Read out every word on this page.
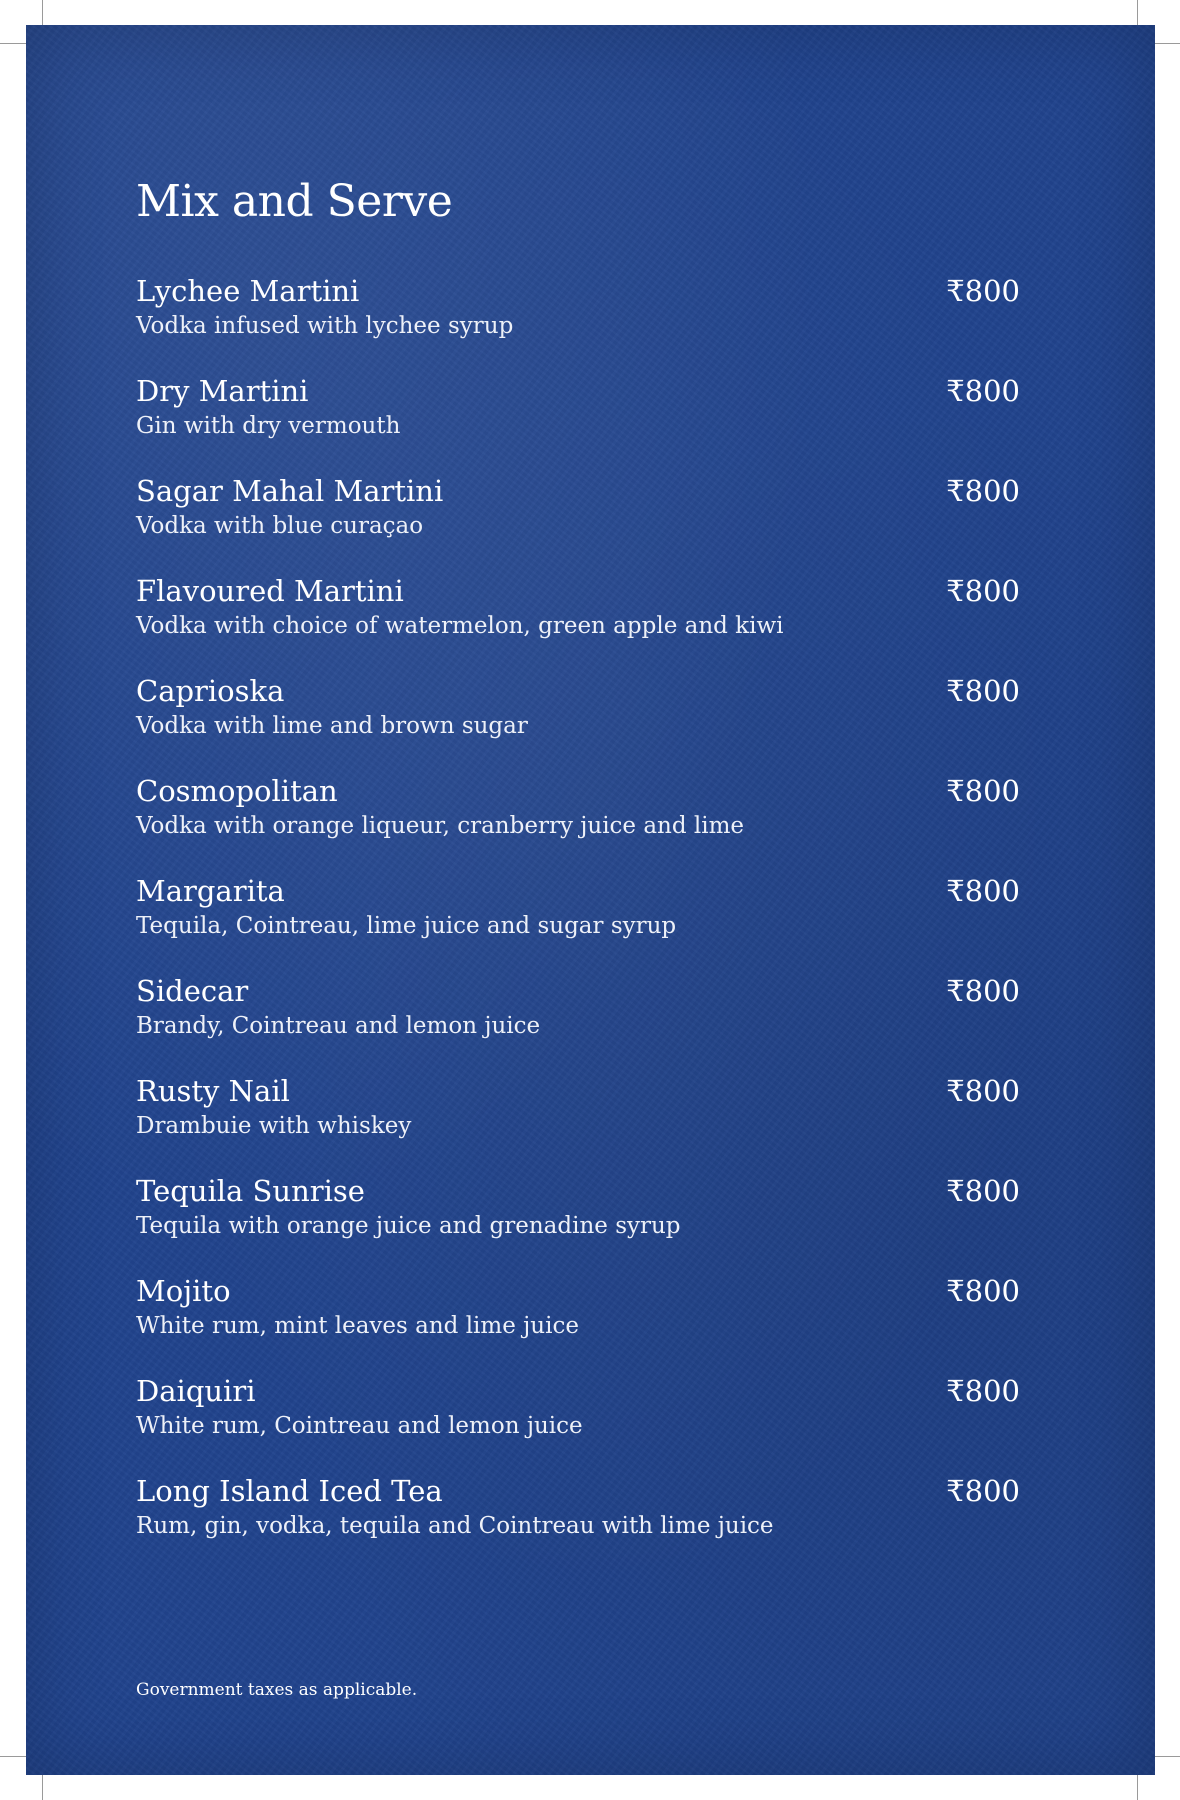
Mix and Serve
Lychee Martini	₹800
Vodka infused with lychee syrup
Dry Martini	₹800
Gin with dry vermouth
Sagar Mahal Martini	₹800
Vodka with blue curaçao
Flavoured Martini	₹800
Vodka with choice of watermelon, green apple and kiwi
Caprioska	₹800
Vodka with lime and brown sugar
Cosmopolitan	₹800
Vodka with orange liqueur, cranberry juice and lime
Margarita	₹800
Tequila, Cointreau, lime juice and sugar syrup
Sidecar	₹800
Brandy, Cointreau and lemon juice
Rusty Nail	₹800
Drambuie with whiskey
Tequila Sunrise	₹800
Tequila with orange juice and grenadine syrup
Mojito	₹800
White rum, mint leaves and lime juice
Daiquiri	₹800
White rum, Cointreau and lemon juice
Long Island Iced Tea	₹800
Rum, gin, vodka, tequila and Cointreau with lime juice
Government taxes as applicable.
